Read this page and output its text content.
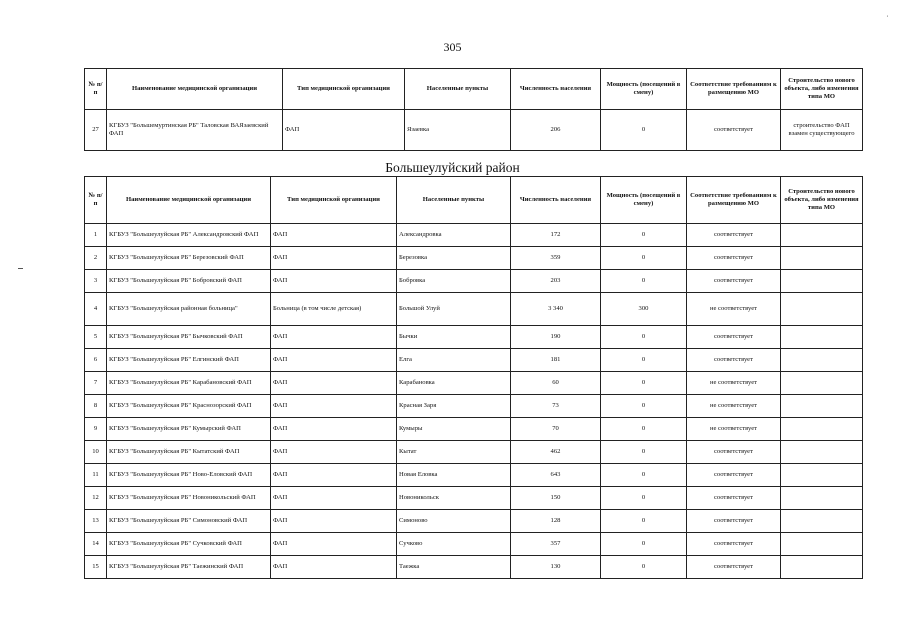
˙
305
№ п/п	Наименование медицинской организации	Тип медицинской организации	Населенные пункты	Численность населения	Мощность (посещений в смену)	Соответствие требованиям к размещению МО	Строительство нового объекта, либо изменения типа МО
27	КГБУЗ "Большемуртинская РБ" Таловская ВАЯзаевский ФАП	ФАП	Язаевка	206	0	соответствует	строительство ФАП взамен существующего
Большеулуйский район
№ п/п	Наименование медицинской организации	Тип медицинской организации	Населенные пункты	Численность населения	Мощность (посещений в смену)	Соответствие требованиям к размещению МО	Строительство нового объекта, либо изменения типа МО
1	КГБУЗ "Большеулуйская РБ" Александровский ФАП	ФАП	Александровка	172	0	соответствует	
2	КГБУЗ "Большеулуйская РБ" Березовский ФАП	ФАП	Березовка	359	0	соответствует	
3	КГБУЗ "Большеулуйская РБ" Бобровский ФАП	ФАП	Бобровка	203	0	соответствует	
4	КГБУЗ "Большеулуйская районная больница"	Больница (в том числе детская)	Большой Улуй	3 340	300	не соответствует	
5	КГБУЗ "Большеулуйская РБ" Бычковский ФАП	ФАП	Бычки	190	0	соответствует	
6	КГБУЗ "Большеулуйская РБ" Елгинский ФАП	ФАП	Елга	181	0	соответствует	
7	КГБУЗ "Большеулуйская РБ" Карабановский ФАП	ФАП	Карабановка	60	0	не соответствует	
8	КГБУЗ "Большеулуйская РБ" Краснозорский ФАП	ФАП	Красная Заря	73	0	не соответствует	
9	КГБУЗ "Большеулуйская РБ" Кумырский ФАП	ФАП	Кумыры	70	0	не соответствует	
10	КГБУЗ "Большеулуйская РБ" Кытатский ФАП	ФАП	Кытат	462	0	соответствует	
11	КГБУЗ "Большеулуйская РБ" Ново-Еловский ФАП	ФАП	Новая Еловка	643	0	соответствует	
12	КГБУЗ "Большеулуйская РБ" Новоникольский ФАП	ФАП	Новоникольск	150	0	соответствует	
13	КГБУЗ "Большеулуйская РБ" Симоновский ФАП	ФАП	Симоново	128	0	соответствует	
14	КГБУЗ "Большеулуйская РБ" Сучковский ФАП	ФАП	Сучково	357	0	соответствует	
15	КГБУЗ "Большеулуйская РБ" Таежинский ФАП	ФАП	Таежка	130	0	соответствует	
